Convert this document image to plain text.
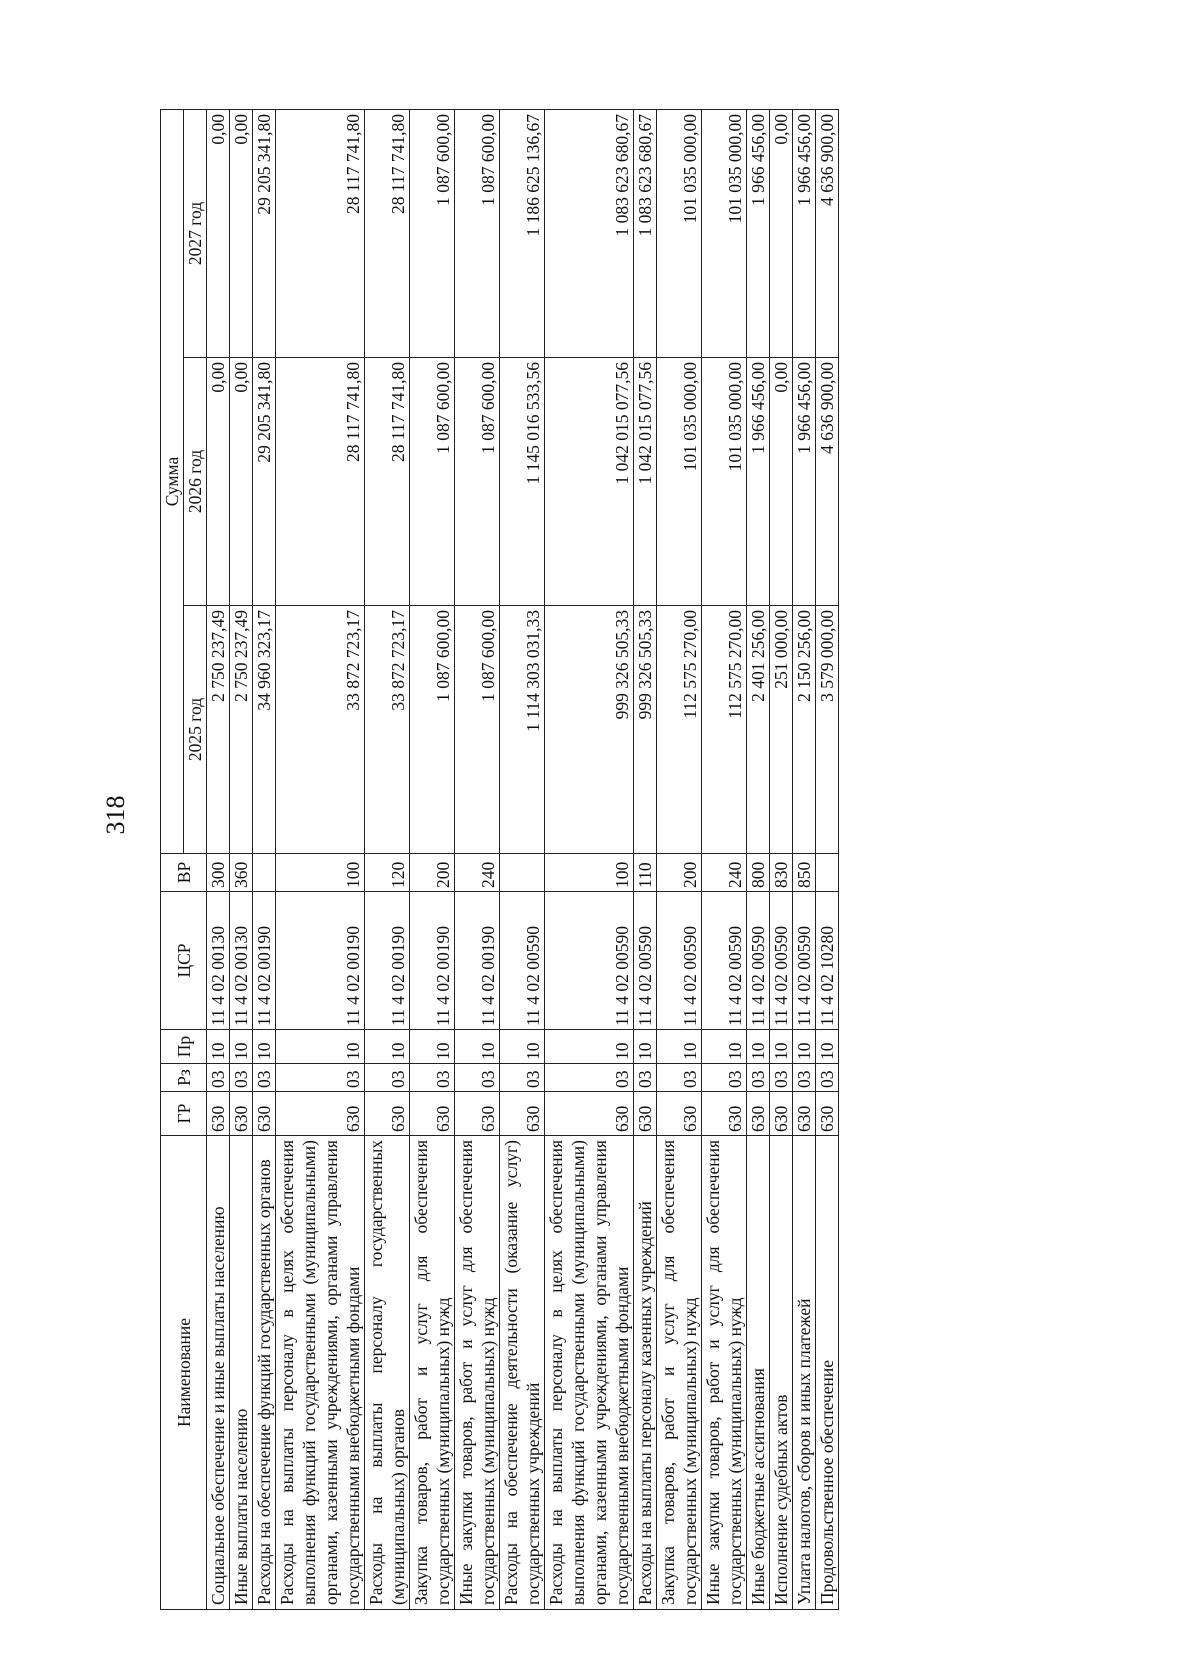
318
Наименование	ГР	Рз	Пр	ЦСР	ВР	Сумма		
						2025 год	2026 год	2027 год
Социальное обеспечение и иные выплаты населению	630	03	10	11 4 02 00130	300	2 750 237,49	0,00	0,00
Иные выплаты населению	630	03	10	11 4 02 00130	360	2 750 237,49	0,00	0,00
Расходы на обеспечение функций государственных органов	630	03	10	11 4 02 00190		34 960 323,17	29 205 341,80	29 205 341,80
Расходы на выплаты персоналу в целях обеспечения выполнения функций государственными (муниципальными) органами, казенными учреждениями, органами управления государственными внебюджетными фондами	630	03	10	11 4 02 00190	100	33 872 723,17	28 117 741,80	28 117 741,80
Расходы на выплаты персоналу государственных (муниципальных) органов	630	03	10	11 4 02 00190	120	33 872 723,17	28 117 741,80	28 117 741,80
Закупка товаров, работ и услуг для обеспечения государственных (муниципальных) нужд	630	03	10	11 4 02 00190	200	1 087 600,00	1 087 600,00	1 087 600,00
Иные закупки товаров, работ и услуг для обеспечения государственных (муниципальных) нужд	630	03	10	11 4 02 00190	240	1 087 600,00	1 087 600,00	1 087 600,00
Расходы на обеспечение деятельности (оказание услуг) государственных учреждений	630	03	10	11 4 02 00590		1 114 303 031,33	1 145 016 533,56	1 186 625 136,67
Расходы на выплаты персоналу в целях обеспечения выполнения функций государственными (муниципальными) органами, казенными учреждениями, органами управления государственными внебюджетными фондами	630	03	10	11 4 02 00590	100	999 326 505,33	1 042 015 077,56	1 083 623 680,67
Расходы на выплаты персоналу казенных учреждений	630	03	10	11 4 02 00590	110	999 326 505,33	1 042 015 077,56	1 083 623 680,67
Закупка товаров, работ и услуг для обеспечения государственных (муниципальных) нужд	630	03	10	11 4 02 00590	200	112 575 270,00	101 035 000,00	101 035 000,00
Иные закупки товаров, работ и услуг для обеспечения государственных (муниципальных) нужд	630	03	10	11 4 02 00590	240	112 575 270,00	101 035 000,00	101 035 000,00
Иные бюджетные ассигнования	630	03	10	11 4 02 00590	800	2 401 256,00	1 966 456,00	1 966 456,00
Исполнение судебных актов	630	03	10	11 4 02 00590	830	251 000,00	0,00	0,00
Уплата налогов, сборов и иных платежей	630	03	10	11 4 02 00590	850	2 150 256,00	1 966 456,00	1 966 456,00
Продовольственное обеспечение	630	03	10	11 4 02 10280		3 579 000,00	4 636 900,00	4 636 900,00
